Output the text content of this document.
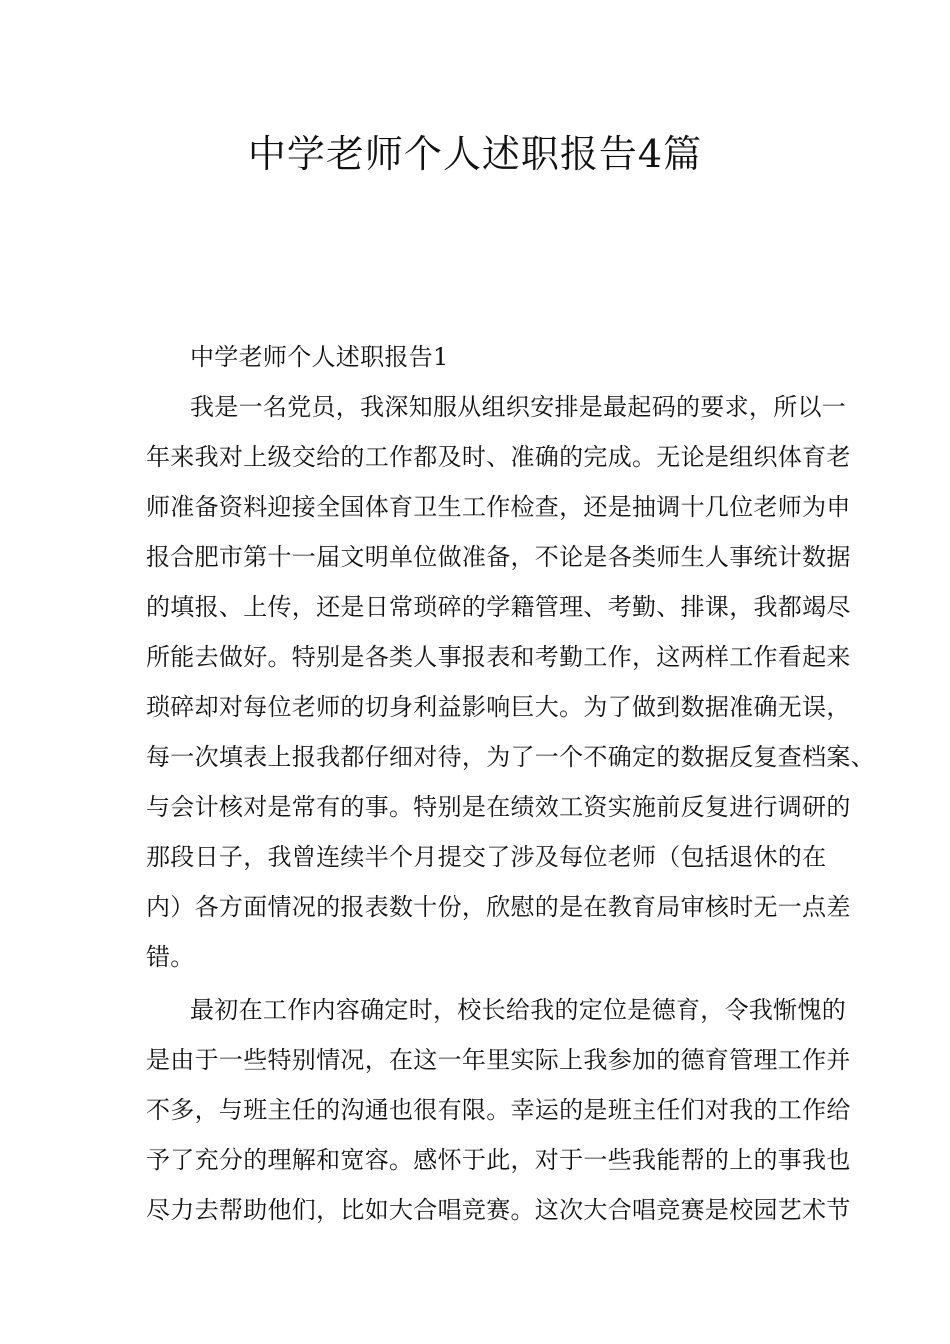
中学老师个人述职报告4篇
中学老师个人述职报告1
我是一名党员，我深知服从组织安排是最起码的要求，所以一
年来我对上级交给的工作都及时、准确的完成。无论是组织体育老
师准备资料迎接全国体育卫生工作检查，还是抽调十几位老师为申
报合肥市第十一届文明单位做准备，不论是各类师生人事统计数据
的填报、上传，还是日常琐碎的学籍管理、考勤、排课，我都竭尽
所能去做好。特别是各类人事报表和考勤工作，这两样工作看起来
琐碎却对每位老师的切身利益影响巨大。为了做到数据准确无误，
每一次填表上报我都仔细对待，为了一个不确定的数据反复查档案、
与会计核对是常有的事。特别是在绩效工资实施前反复进行调研的
那段日子，我曾连续半个月提交了涉及每位老师（包括退休的在
内）各方面情况的报表数十份，欣慰的是在教育局审核时无一点差
错。
最初在工作内容确定时，校长给我的定位是德育，令我惭愧的
是由于一些特别情况，在这一年里实际上我参加的德育管理工作并
不多，与班主任的沟通也很有限。幸运的是班主任们对我的工作给
予了充分的理解和宽容。感怀于此，对于一些我能帮的上的事我也
尽力去帮助他们，比如大合唱竞赛。这次大合唱竞赛是校园艺术节
